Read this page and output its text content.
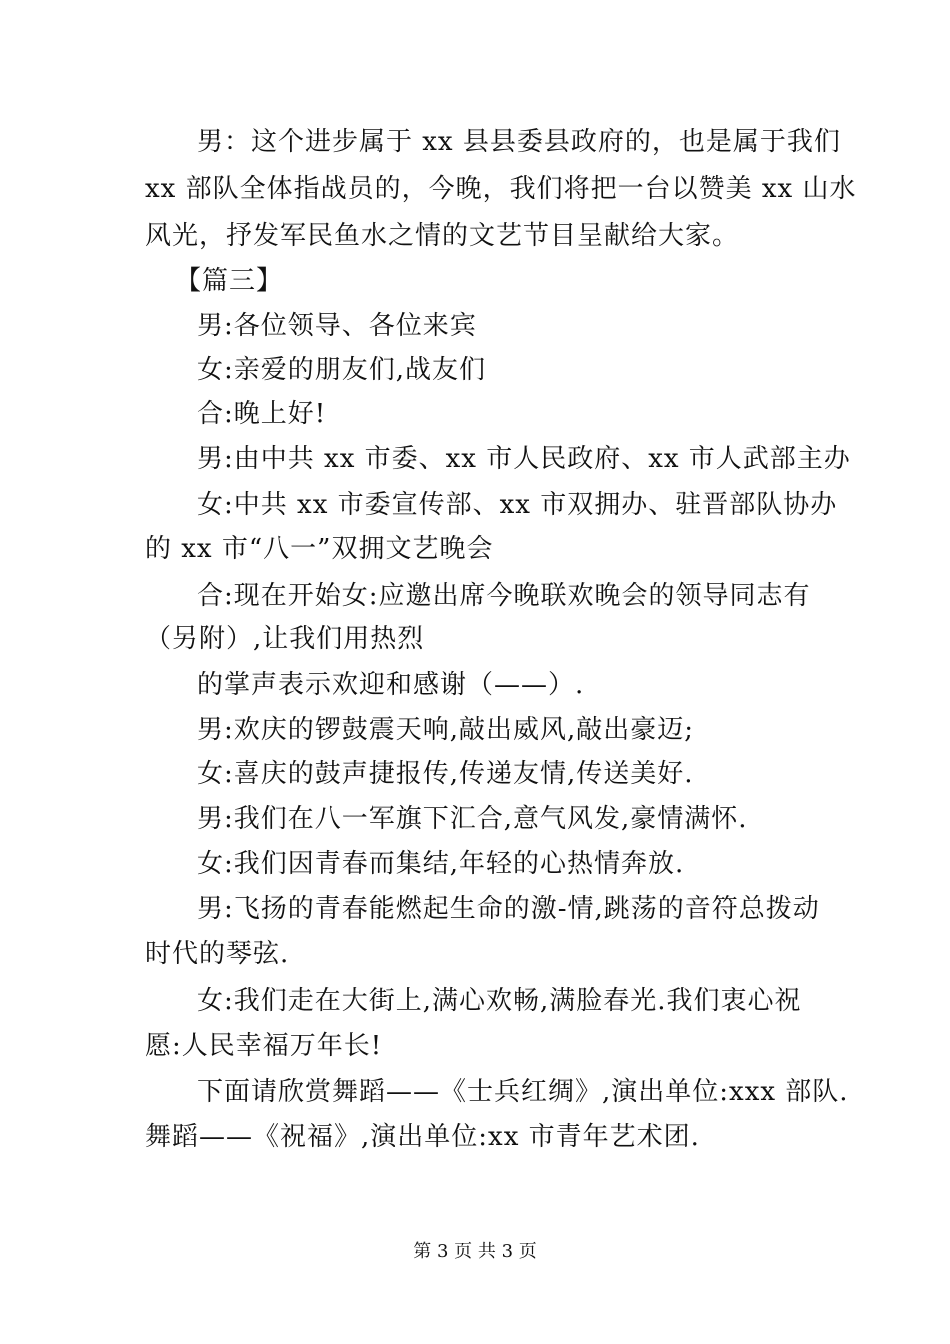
男：这个进步属于 xx 县县委县政府的，也是属于我们
xx 部队全体指战员的，今晚，我们将把一台以赞美 xx 山水
风光，抒发军民鱼水之情的文艺节目呈献给大家。
【篇三】
男:各位领导、各位来宾
女:亲爱的朋友们,战友们
合:晚上好!
男:由中共 xx 市委、xx 市人民政府、xx 市人武部主办
女:中共 xx 市委宣传部、xx 市双拥办、驻晋部队协办
的 xx 市“八一”双拥文艺晚会
合:现在开始女:应邀出席今晚联欢晚会的领导同志有
（另附）,让我们用热烈
的掌声表示欢迎和感谢（——）.
男:欢庆的锣鼓震天响,敲出威风,敲出豪迈;
女:喜庆的鼓声捷报传,传递友情,传送美好.
男:我们在八一军旗下汇合,意气风发,豪情满怀.
女:我们因青春而集结,年轻的心热情奔放.
男:飞扬的青春能燃起生命的激-情,跳荡的音符总拨动
时代的琴弦.
女:我们走在大街上,满心欢畅,满脸春光.我们衷心祝
愿:人民幸福万年长!
下面请欣赏舞蹈——《士兵红绸》,演出单位:xxx 部队.
舞蹈——《祝福》,演出单位:xx 市青年艺术团.
第 3 页 共 3 页
